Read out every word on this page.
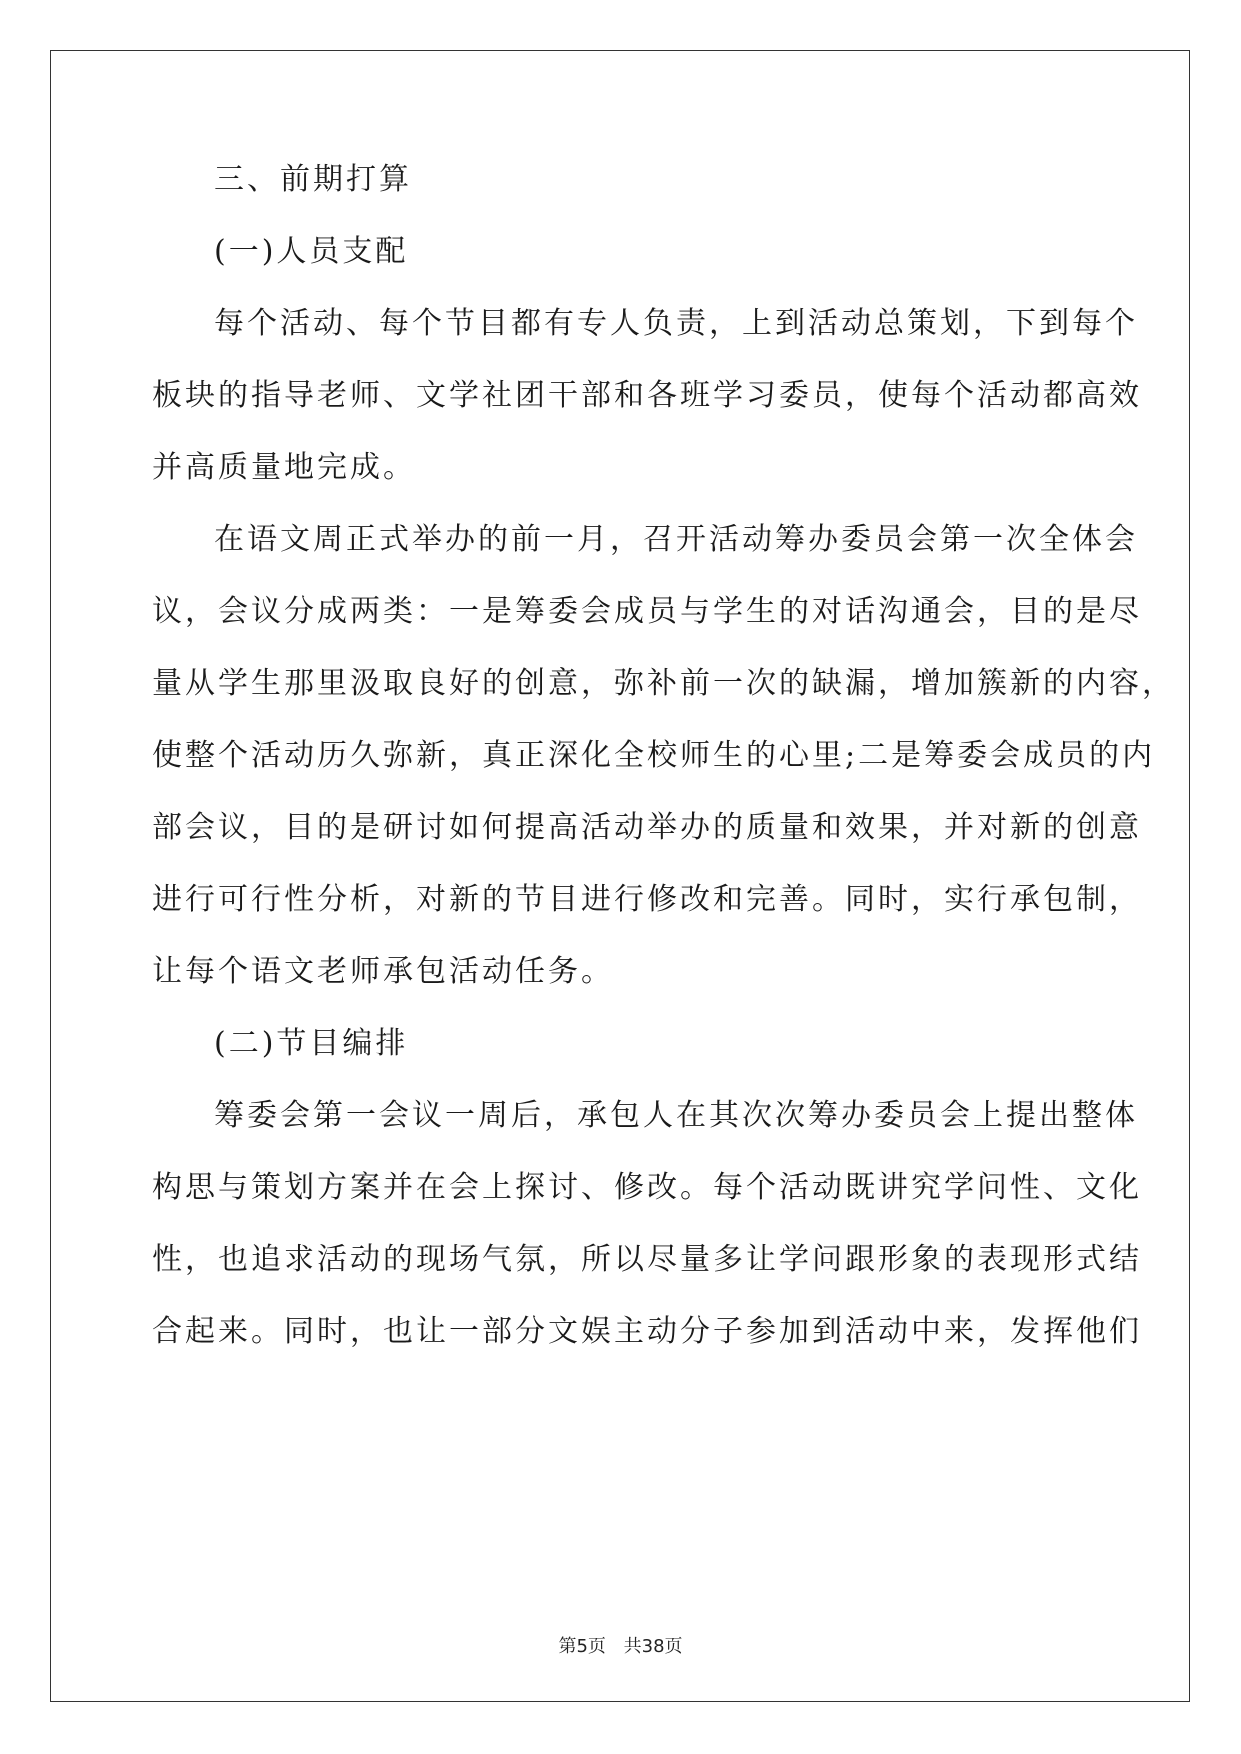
三、前期打算
(一)人员支配
每个活动、每个节目都有专人负责，上到活动总策划，下到每个
板块的指导老师、文学社团干部和各班学习委员，使每个活动都高效
并高质量地完成。
在语文周正式举办的前一月，召开活动筹办委员会第一次全体会
议，会议分成两类：一是筹委会成员与学生的对话沟通会，目的是尽
量从学生那里汲取良好的创意，弥补前一次的缺漏，增加簇新的内容，
使整个活动历久弥新，真正深化全校师生的心里;二是筹委会成员的内
部会议，目的是研讨如何提高活动举办的质量和效果，并对新的创意
进行可行性分析，对新的节目进行修改和完善。同时，实行承包制，
让每个语文老师承包活动任务。
(二)节目编排
筹委会第一会议一周后，承包人在其次次筹办委员会上提出整体
构思与策划方案并在会上探讨、修改。每个活动既讲究学问性、文化
性，也追求活动的现场气氛，所以尽量多让学问跟形象的表现形式结
合起来。同时，也让一部分文娱主动分子参加到活动中来，发挥他们
第5页 共38页
